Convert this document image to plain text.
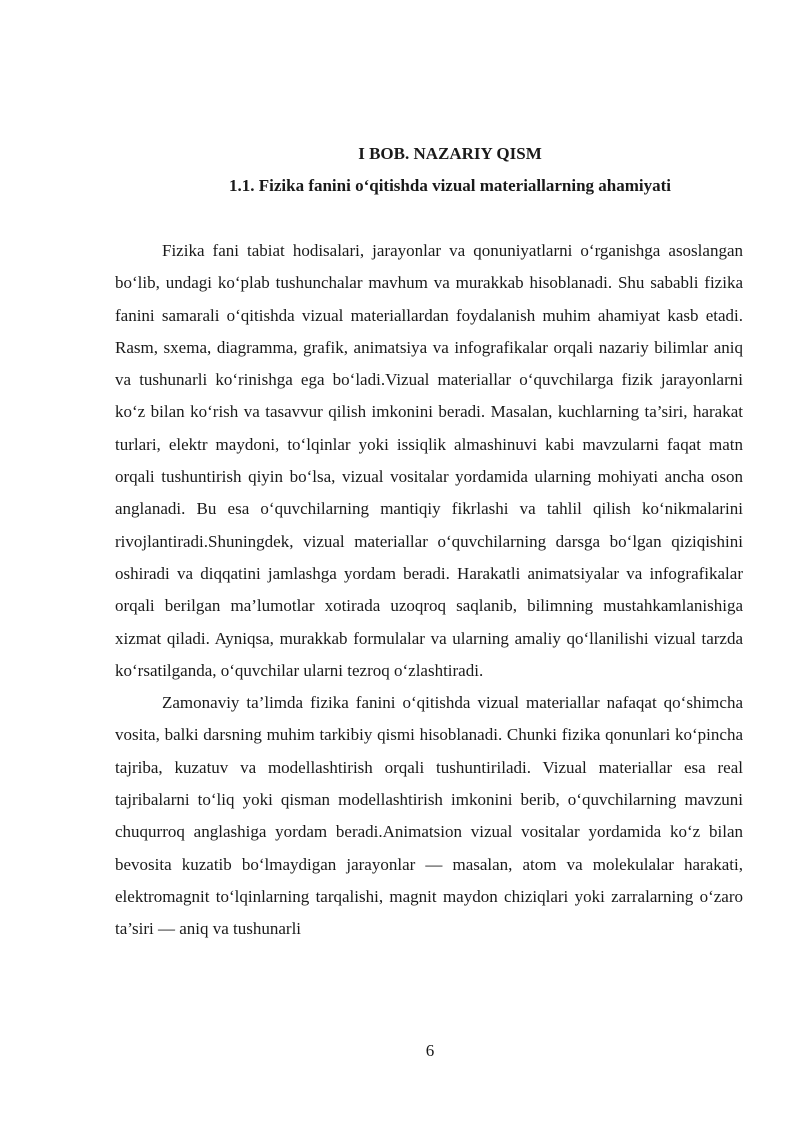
I BOB. NAZARIY QISM
1.1. Fizika fanini o‘qitishda vizual materiallarning ahamiyati

Fizika fani tabiat hodisalari, jarayonlar va qonuniyatlarni o‘rganishga asoslangan bo‘lib, undagi ko‘plab tushunchalar mavhum va murakkab hisoblanadi. Shu sababli fizika fanini samarali o‘qitishda vizual materiallardan foydalanish muhim ahamiyat kasb etadi. Rasm, sxema, diagramma, grafik, animatsiya va infografikalar orqali nazariy bilimlar aniq va tushunarli ko‘rinishga ega bo‘ladi.Vizual materiallar o‘quvchilarga fizik jarayonlarni ko‘z bilan ko‘rish va tasavvur qilish imkonini beradi. Masalan, kuchlarning ta’siri, harakat turlari, elektr maydoni, to‘lqinlar yoki issiqlik almashinuvi kabi mavzularni faqat matn orqali tushuntirish qiyin bo‘lsa, vizual vositalar yordamida ularning mohiyati ancha oson anglanadi. Bu esa o‘quvchilarning mantiqiy fikrlashi va tahlil qilish ko‘nikmalarini rivojlantiradi.Shuningdek, vizual materiallar o‘quvchilarning darsga bo‘lgan qiziqishini oshiradi va diqqatini jamlashga yordam beradi. Harakatli animatsiyalar va infografikalar orqali berilgan ma’lumotlar xotirada uzoqroq saqlanib, bilimning mustahkamlanishiga xizmat qiladi. Ayniqsa, murakkab formulalar va ularning amaliy qo‘llanilishi vizual tarzda ko‘rsatilganda, o‘quvchilar ularni tezroq o‘zlashtiradi.

Zamonaviy ta’limda fizika fanini o‘qitishda vizual materiallar nafaqat qo‘shimcha vosita, balki darsning muhim tarkibiy qismi hisoblanadi. Chunki fizika qonunlari ko‘pincha tajriba, kuzatuv va modellashtirish orqali tushuntiriladi. Vizual materiallar esa real tajribalarni to‘liq yoki qisman modellashtirish imkonini berib, o‘quvchilarning mavzuni chuqurroq anglashiga yordam beradi.Animatsion vizual vositalar yordamida ko‘z bilan bevosita kuzatib bo‘lmaydigan jarayonlar — masalan, atom va molekulalar harakati, elektromagnit to‘lqinlarning tarqalishi, magnit maydon chiziqlari yoki zarralarning o‘zaro ta’siri — aniq va tushunarli

6
